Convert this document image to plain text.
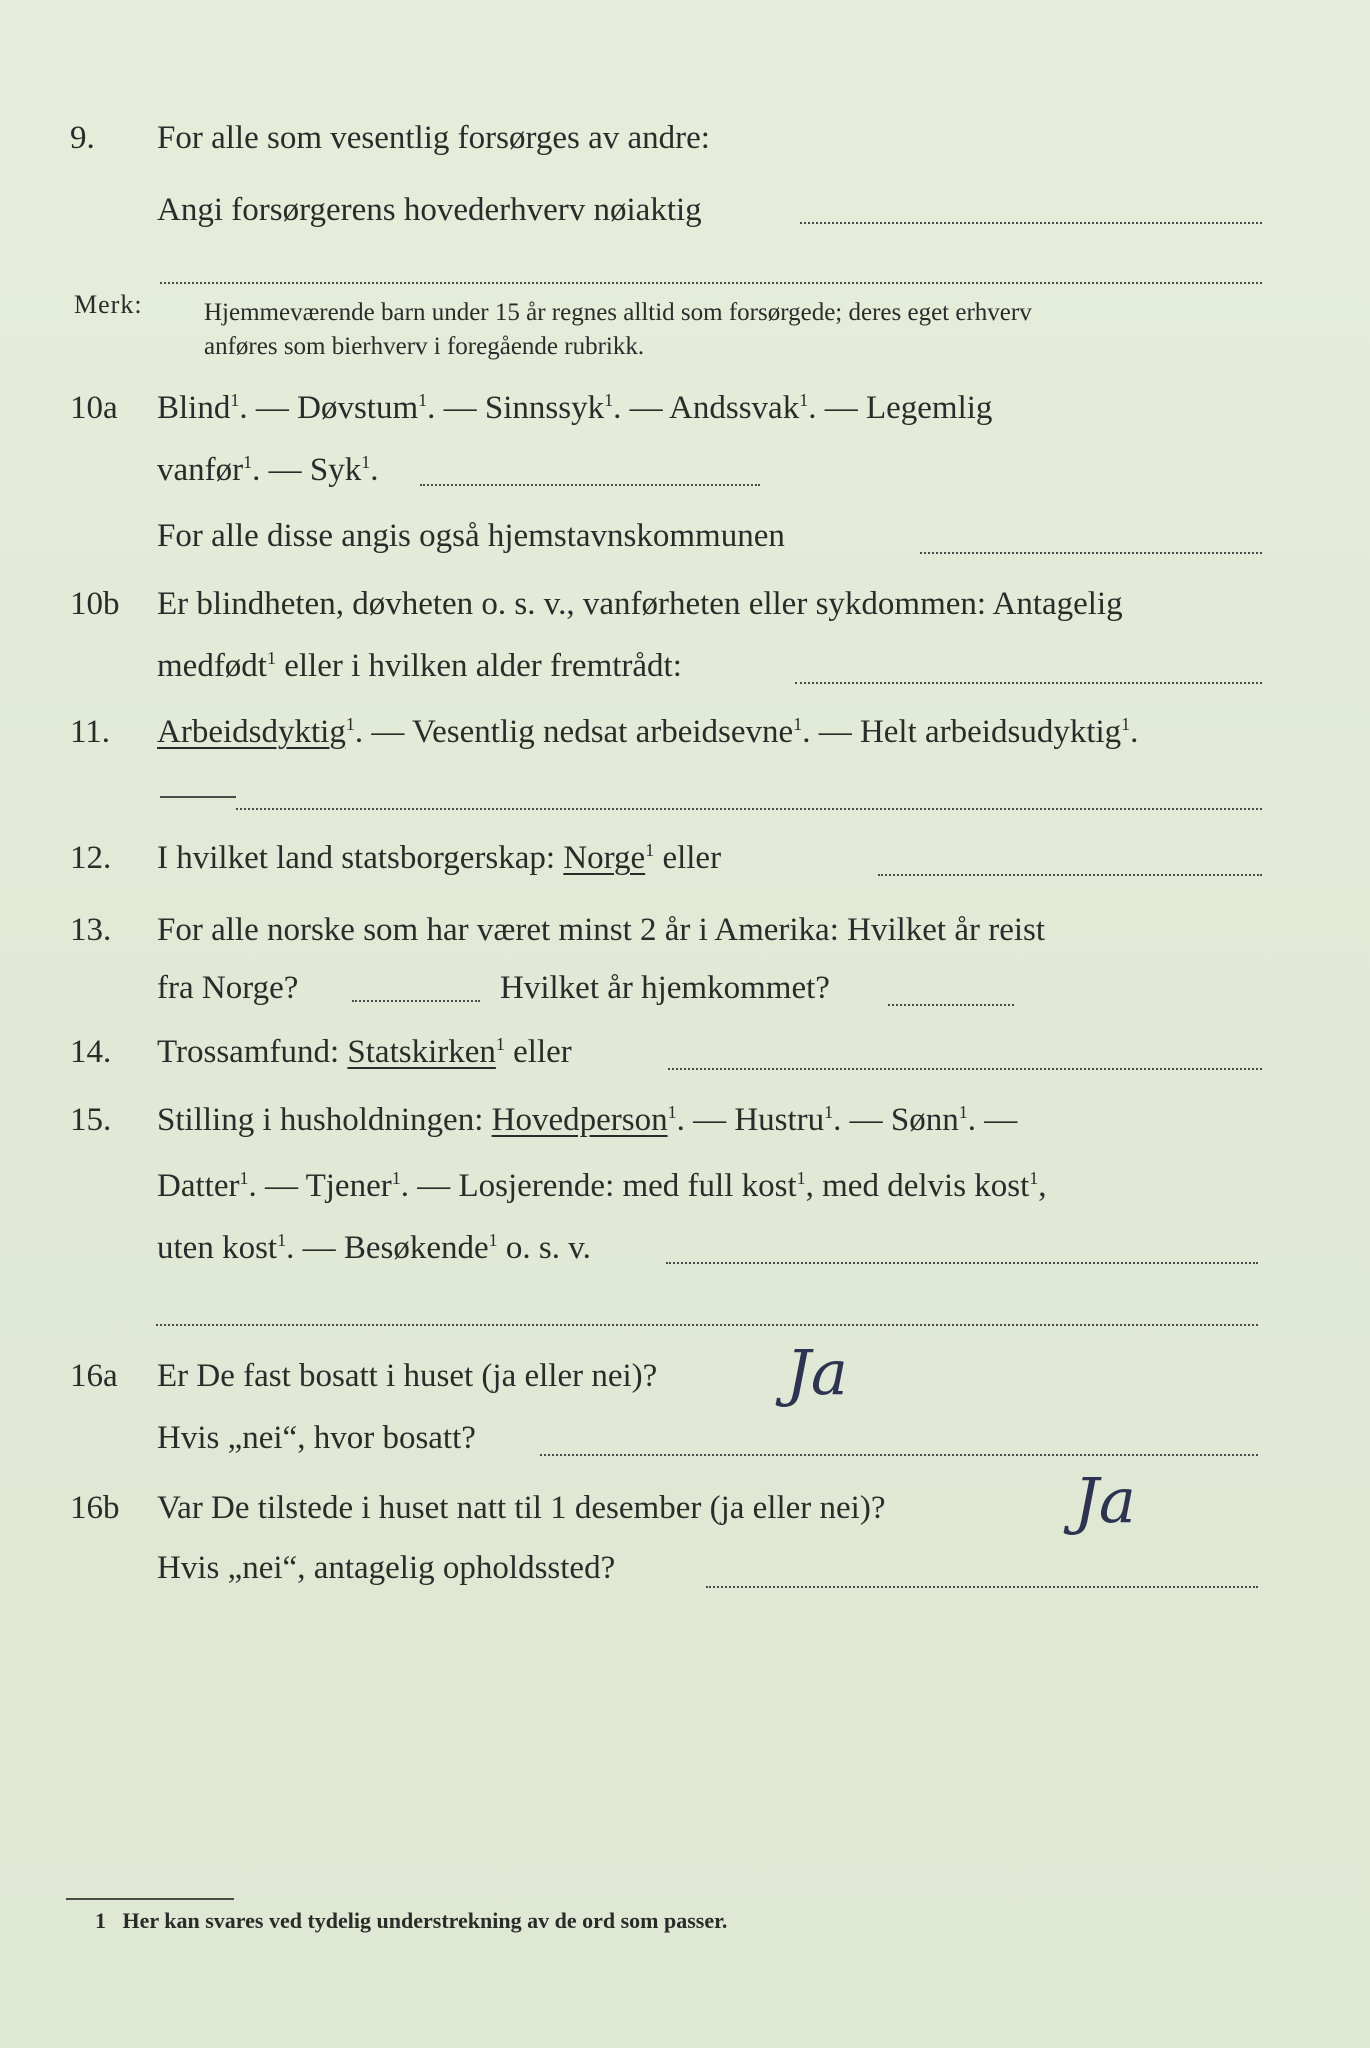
9. For alle som vesentlig forsørges av andre:
Angi forsørgerens hovederhverv nøiaktig
Merk: Hjemmeværende barn under 15 år regnes alltid som forsørgede; deres eget erhverv
anføres som bierhverv i foregående rubrikk.
10a Blind$^1$. — Døvstum$^1$. — Sinnssyk$^1$. — Andssvak$^1$. — Legemlig
vanfør$^1$. — Syk$^1$.
For alle disse angis også hjemstavnskommunen
10b Er blindheten, døvheten o. s. v., vanførheten eller sykdommen: Antagelig
medfødt$^1$ eller i hvilken alder fremtrådt:
11. Arbeidsdyktig$^1$. — Vesentlig nedsat arbeidsevne$^1$. — Helt arbeidsudyktig$^1$.
12. I hvilket land statsborgerskap: Norge$^1$ eller
13. For alle norske som har været minst 2 år i Amerika: Hvilket år reist
fra Norge?	Hvilket år hjemkommet?
14. Trossamfund: Statskirken$^1$ eller
15. Stilling i husholdningen: Hovedperson$^1$. — Hustru$^1$. — Sønn$^1$. —
Datter$^1$. — Tjener$^1$. — Losjerende: med full kost$^1$, med delvis kost$^1$,
uten kost$^1$. — Besøkende$^1$ o. s. v.
16a Er De fast bosatt i huset (ja eller nei)? Ja
Hvis „nei“, hvor bosatt?
16b Var De tilstede i huset natt til 1 desember (ja eller nei)?	Ja
Hvis „nei“, antagelig opholdssted?
1 Her kan svares ved tydelig understrekning av de ord som passer.
